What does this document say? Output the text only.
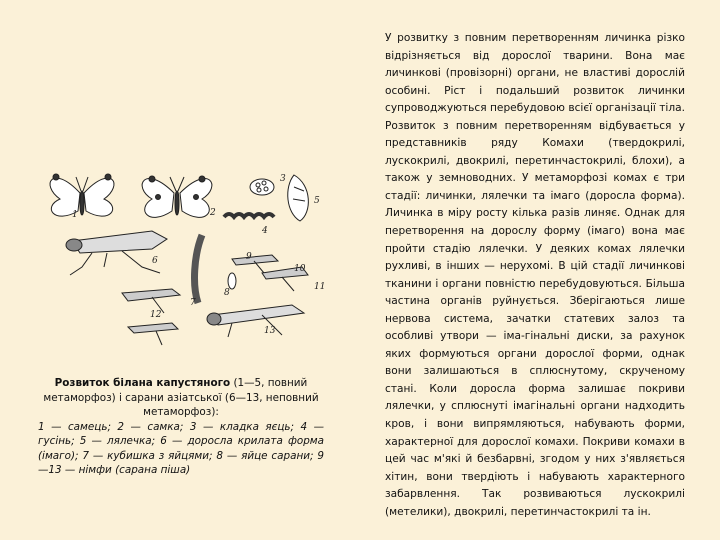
1	2
3
4
5
6
7
8
9
10
11
12
13
Розвиток білана капустяного (1—5, повний метаморфоз) і сарани азіатської (6—13, неповний метаморфоз):
1 — самець; 2 — самка; 3 — кладка яєць; 4 — гусінь; 5 — лялечка; 6 — доросла крилата форма (імаго); 7 — кубишка з яйцями; 8 — яйце сарани; 9—13 — німфи (сарана піша)

У розвитку з повним перетворенням личинка різко відрізняється від дорослої тварини. Вона має личинкові (провізорні) органи, не властиві дорослій особині. Ріст і подальший розвиток личинки супроводжуються перебудовою всієї організації тіла. Розвиток з повним перетворенням відбувається у представників ряду Комахи (твердокрилі, лускокрилі, двокрилі, перетинчастокрилі, блохи), а також у земноводних. У метаморфозі комах є три стадії: личинки, лялечки та імаго (доросла форма). Личинка в міру росту кілька разів линяє. Однак для перетворення на дорослу форму (імаго) вона має пройти стадію лялечки. У деяких комах лялечки рухливі, в інших — нерухомі. В цій стадії личинкові тканини і органи повністю перебудовуються. Більша частина органів руйнується. Зберігаються лише нервова система, зачатки статевих залоз та особливі утвори — іма-гінальні диски, за рахунок яких формуються органи дорослої форми, однак вони залишаються в сплюснутому, скрученому стані. Коли доросла форма залишає покриви лялечки, у сплюснуті імагінальні органи надходить кров, і вони випрямляються, набувають форми, характерної для дорослої комахи. Покриви комахи в цей час м'які й безбарвні, згодом у них з'являється хітин, вони твердіють і набувають характерного забарвлення. Так розвиваються лускокрилі (метелики), двокрилі, перетинчастокрилі та ін.
